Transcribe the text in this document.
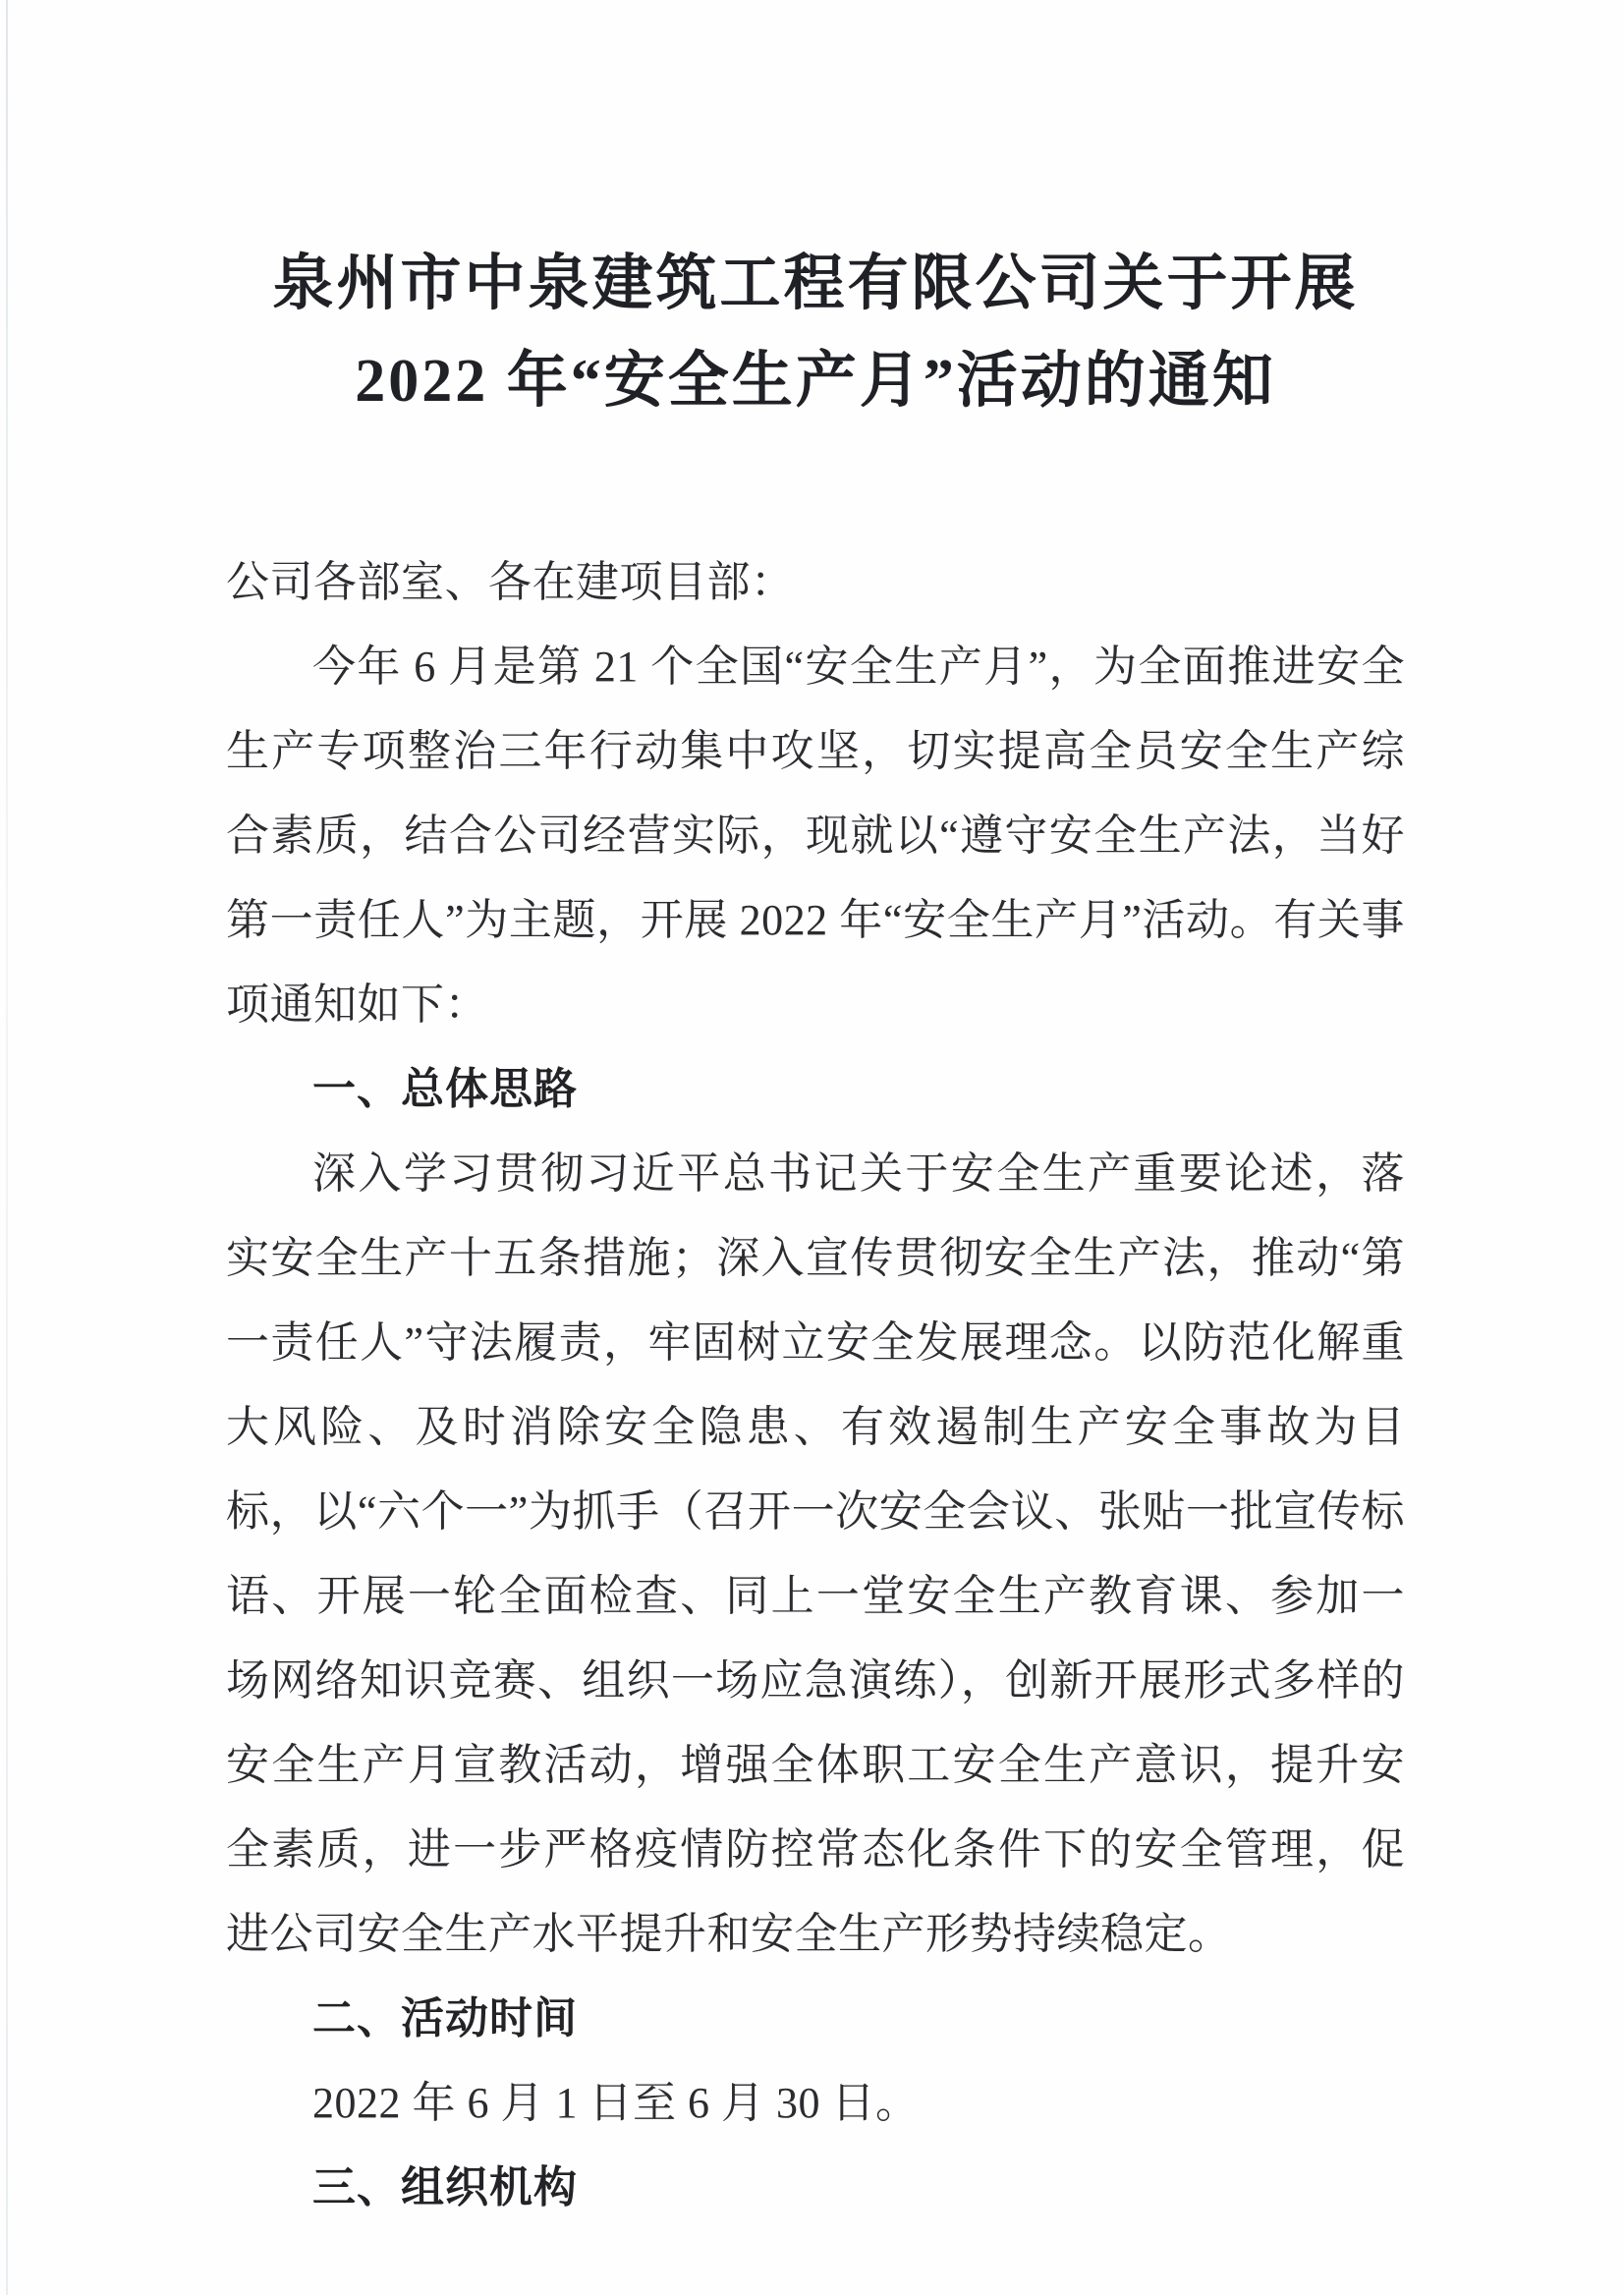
泉州市中泉建筑工程有限公司关于开展
2022 年“安全生产月”活动的通知

公司各部室、各在建项目部：

今年 6 月是第 21 个全国“安全生产月”，为全面推进安全生产专项整治三年行动集中攻坚，切实提高全员安全生产综合素质，结合公司经营实际，现就以“遵守安全生产法，当好第一责任人”为主题，开展 2022 年“安全生产月”活动。有关事项通知如下：

一、总体思路

深入学习贯彻习近平总书记关于安全生产重要论述，落实安全生产十五条措施；深入宣传贯彻安全生产法，推动“第一责任人”守法履责，牢固树立安全发展理念。以防范化解重大风险、及时消除安全隐患、有效遏制生产安全事故为目标，以“六个一”为抓手（召开一次安全会议、张贴一批宣传标语、开展一轮全面检查、同上一堂安全生产教育课、参加一场网络知识竞赛、组织一场应急演练），创新开展形式多样的安全生产月宣教活动，增强全体职工安全生产意识，提升安全素质，进一步严格疫情防控常态化条件下的安全管理，促进公司安全生产水平提升和安全生产形势持续稳定。

二、活动时间

2022 年 6 月 1 日至 6 月 30 日。

三、组织机构
